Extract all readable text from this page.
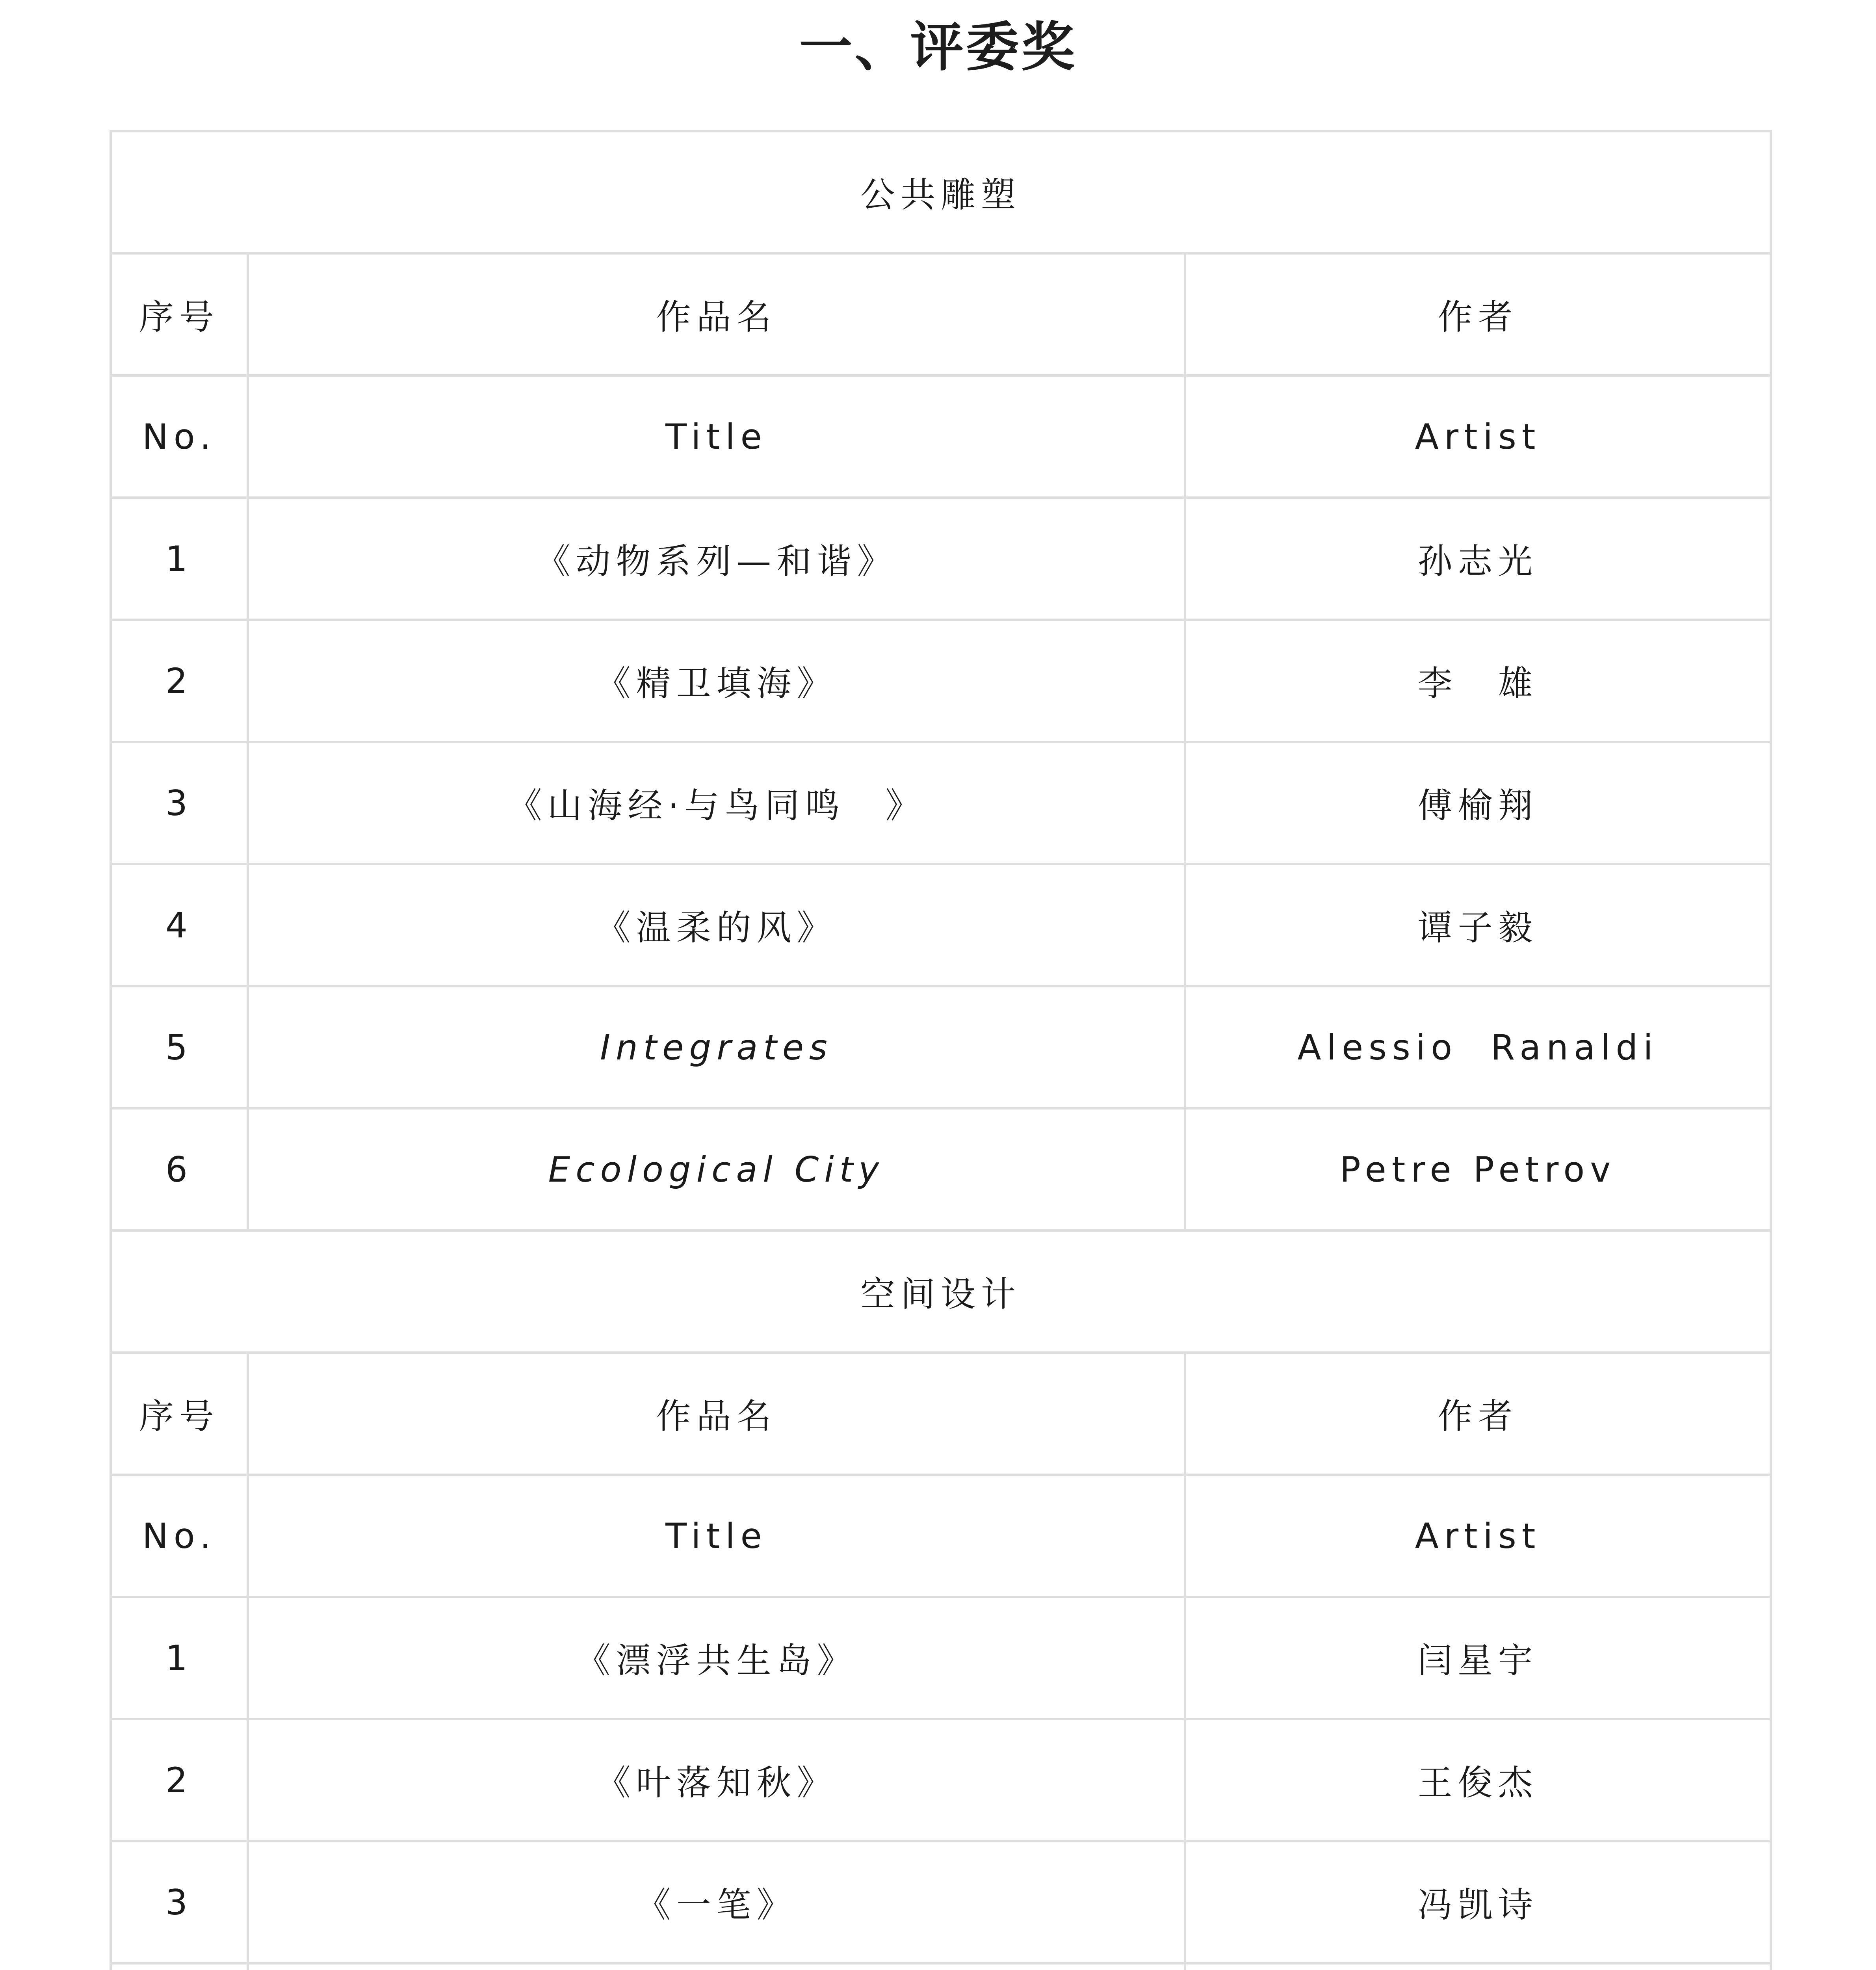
一、评委奖
公共雕塑		
序号	作品名	作者
No.	Title	Artist
1	《动物系列—和谐》	孙志光
2	《精卫填海》	李　雄
3	《山海经·与鸟同鸣　》	傅榆翔
4	《温柔的风》	谭子毅
5	Integrates	Alessio  Ranaldi
6	Ecological City	Petre Petrov
空间设计		
序号	作品名	作者
No.	Title	Artist
1	《漂浮共生岛》	闫星宇
2	《叶落知秋》	王俊杰
3	《一笔》	冯凯诗
